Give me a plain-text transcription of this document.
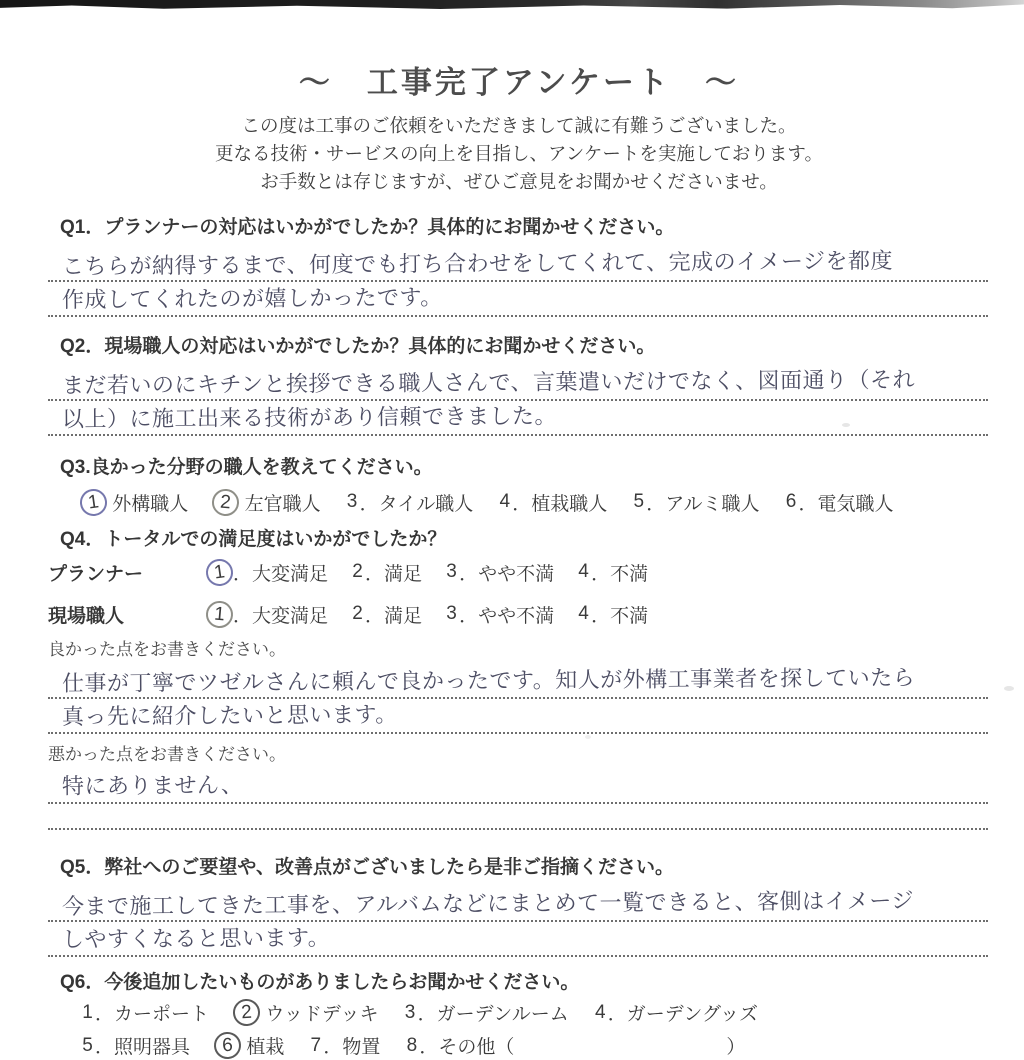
～　工事完了アンケート　～
この度は工事のご依頼をいただきまして誠に有難うございました。
更なる技術・サービスの向上を目指し、アンケートを実施しております。
お手数とは存じますが、ぜひご意見をお聞かせくださいませ。
Q1．プランナーの対応はいかがでしたか？具体的にお聞かせください。
こちらが納得するまで、何度でも打ち合わせをしてくれて、完成のイメージを都度
作成してくれたのが嬉しかったです。
Q2．現場職人の対応はいかがでしたか？具体的にお聞かせください。
まだ若いのにキチンと挨拶できる職人さんで、言葉遣いだけでなく、図面通り（それ
以上）に施工出来る技術があり信頼できました。
Q3.良かった分野の職人を教えてください。
1
外構職人	2
左官職人 3 ． タイル職人 4 ． 植栽職人 5 ． アルミ職人 6 ． 電気職人
Q4．トータルでの満足度はいかがでしたか？
プランナー	1 ． 大変満足 2 ． 満足 3 ． やや不満 4 ． 不満
現場職人	1 ． 大変満足 2 ． 満足 3 ． やや不満 4 ． 不満
良かった点をお書きください。
仕事が丁寧でツゼルさんに頼んで良かったです。知人が外構工事業者を探していたら
真っ先に紹介したいと思います。
悪かった点をお書きください。
特にありません、
Q5．弊社へのご要望や、改善点がございましたら是非ご指摘ください。
今まで施工してきた工事を、アルバムなどにまとめて一覧できると、客側はイメージ
しやすくなると思います。
Q6．今後追加したいものがありましたらお聞かせください。
1 ． カーポート	2
ウッドデッキ 3 ． ガーデンルーム 4 ． ガーデングッズ
5 ． 照明器具	6
植栽 7 ． 物置 8 ． その他（	）
